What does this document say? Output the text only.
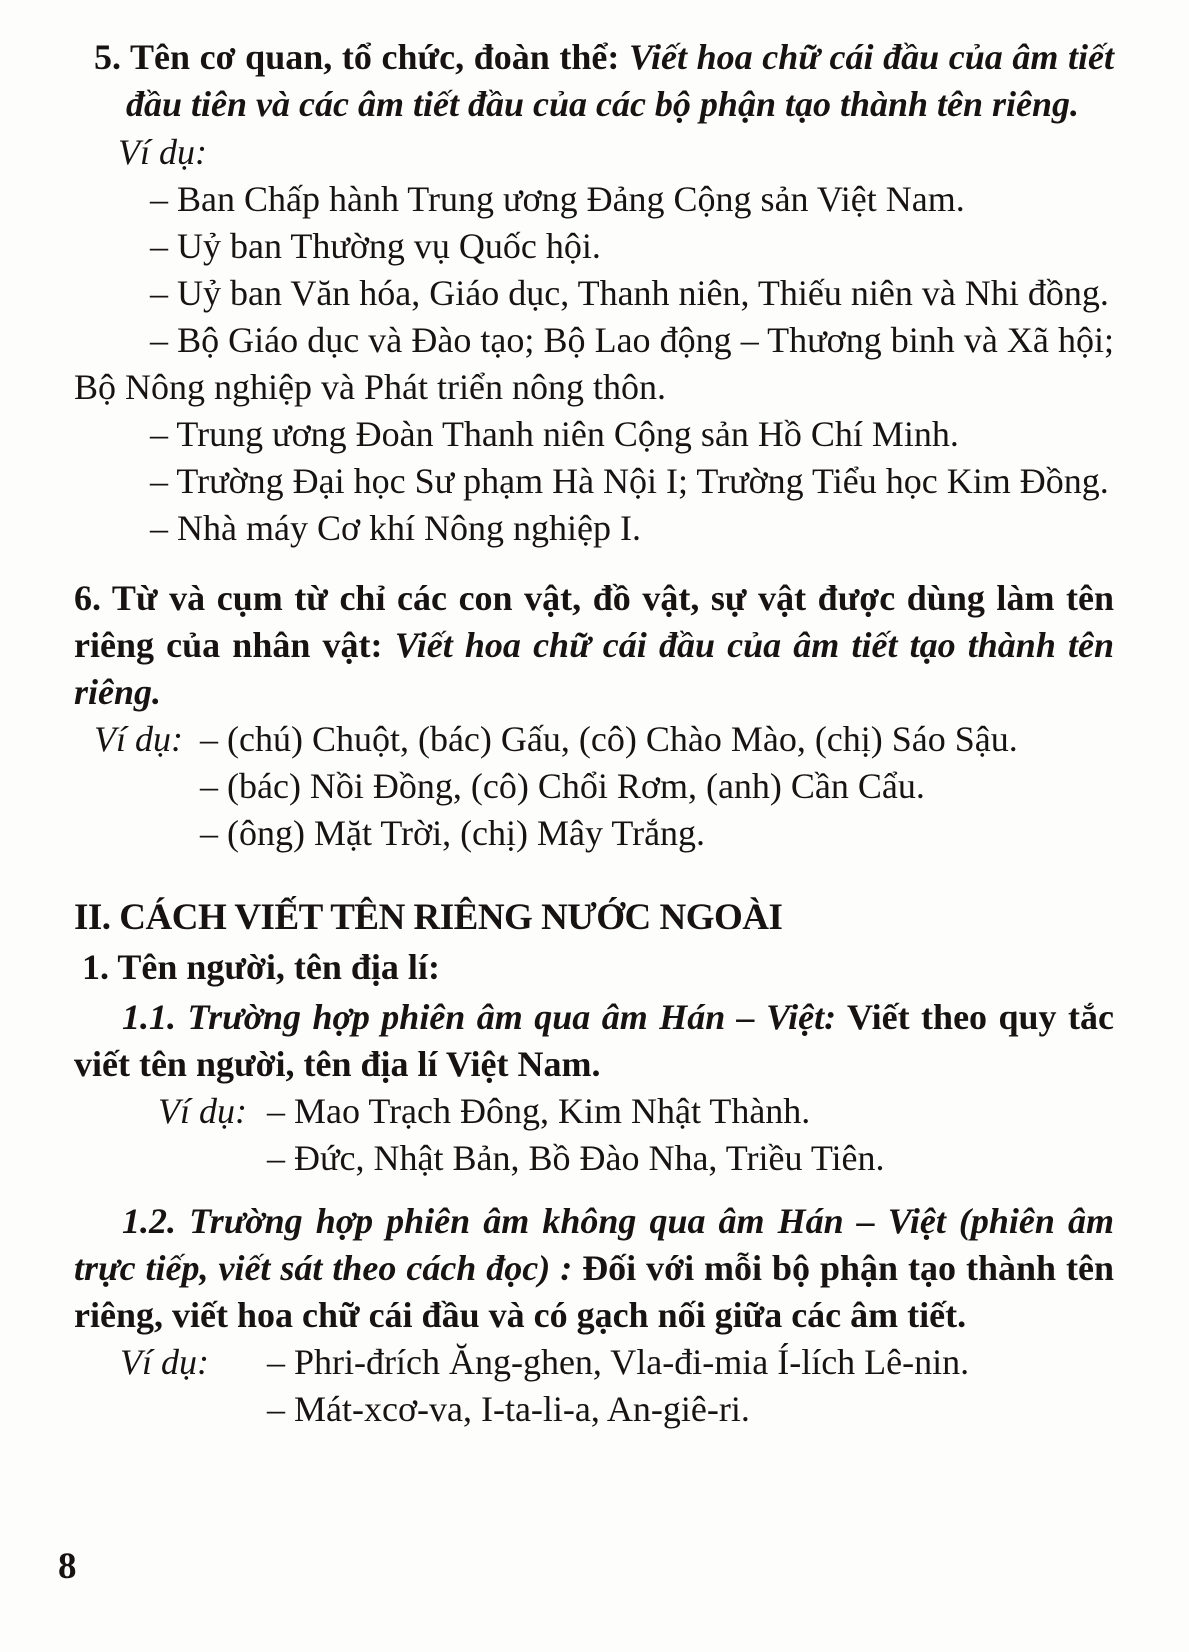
5. Tên cơ quan, tổ chức, đoàn thể: Viết hoa chữ cái đầu của âm tiết đầu tiên và các âm tiết đầu của các bộ phận tạo thành tên riêng.

Ví dụ:

– Ban Chấp hành Trung ương Đảng Cộng sản Việt Nam.

– Uỷ ban Thường vụ Quốc hội.

– Uỷ ban Văn hóa, Giáo dục, Thanh niên, Thiếu niên và Nhi đồng.

– Bộ Giáo dục và Đào tạo; Bộ Lao động – Thương binh và Xã hội; Bộ Nông nghiệp và Phát triển nông thôn.

– Trung ương Đoàn Thanh niên Cộng sản Hồ Chí Minh.

– Trường Đại học Sư phạm Hà Nội I; Trường Tiểu học Kim Đồng.

– Nhà máy Cơ khí Nông nghiệp I.

6. Từ và cụm từ chỉ các con vật, đồ vật, sự vật được dùng làm tên riêng của nhân vật: Viết hoa chữ cái đầu của âm tiết tạo thành tên riêng.

Ví dụ: – (chú) Chuột, (bác) Gấu, (cô) Chào Mào, (chị) Sáo Sậu.

– (bác) Nồi Đồng, (cô) Chổi Rơm, (anh) Cần Cẩu.

– (ông) Mặt Trời, (chị) Mây Trắng.

II. CÁCH VIẾT TÊN RIÊNG NƯỚC NGOÀI

1. Tên người, tên địa lí:

1.1. Trường hợp phiên âm qua âm Hán – Việt: Viết theo quy tắc viết tên người, tên địa lí Việt Nam.

Ví dụ: – Mao Trạch Đông, Kim Nhật Thành.

– Đức, Nhật Bản, Bồ Đào Nha, Triều Tiên.

1.2. Trường hợp phiên âm không qua âm Hán – Việt (phiên âm trực tiếp, viết sát theo cách đọc) : Đối với mỗi bộ phận tạo thành tên riêng, viết hoa chữ cái đầu và có gạch nối giữa các âm tiết.

Ví dụ:	– Phri-đrích Ăng-ghen, Vla-đi-mia Í-lích Lê-nin.

– Mát-xcơ-va, I-ta-li-a, An-giê-ri.

8
